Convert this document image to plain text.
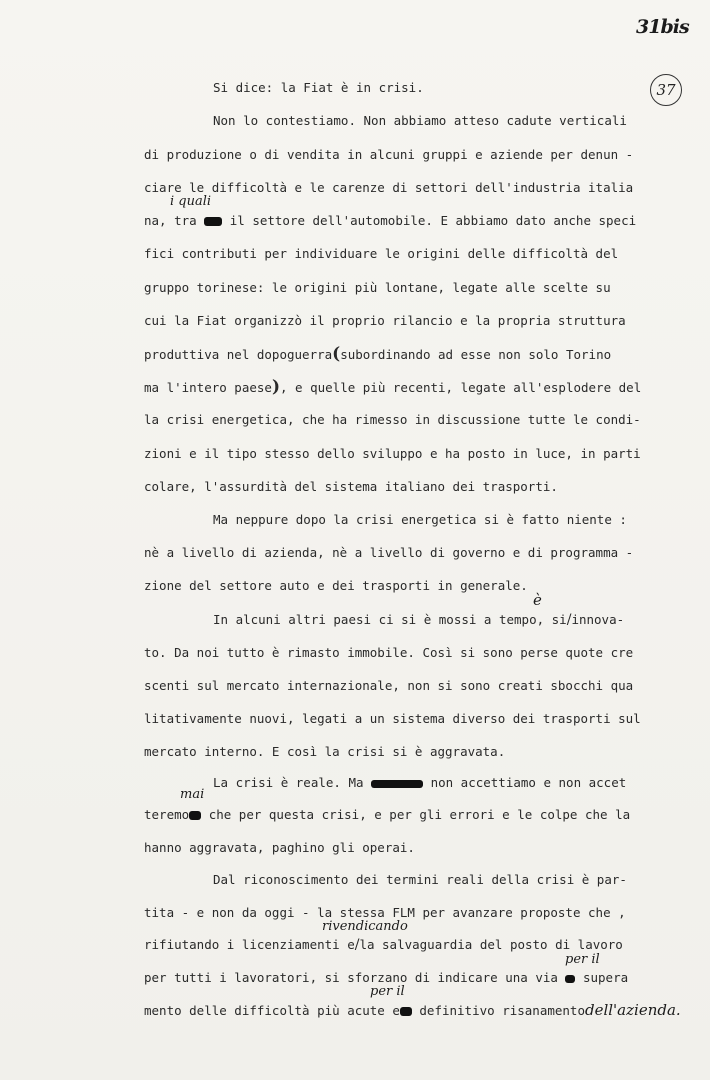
31bis
37
Si dice: la Fiat è in crisi.
Non lo contestiamo. Non abbiamo atteso cadute verticali
di produzione o di vendita in alcuni gruppi e aziende per denun -
ciare le difficoltà e le carenze di settori dell'industria italia
i quali
na, tra	il settore dell'automobile. E abbiamo dato anche speci
fici contributi per individuare le origini delle difficoltà del
gruppo torinese: le origini più lontane, legate alle scelte su
cui la Fiat organizzò il proprio rilancio e la propria struttura
produttiva nel dopoguerra(subordinando ad esse non solo Torino
ma l'intero paese), e quelle più recenti, legate all'esplodere del
la crisi energetica, che ha rimesso in discussione tutte le condi-
zioni e il tipo stesso dello sviluppo e ha posto in luce, in parti
colare, l'assurdità del sistema italiano dei trasporti.
Ma neppure dopo la crisi energetica si è fatto niente :
nè a livello di azienda, nè a livello di governo e di programma -
zione del settore auto e dei trasporti in generale.
è
In alcuni altri paesi ci si è mossi a tempo, si/innova-
to. Da noi tutto è rimasto immobile. Così si sono perse quote cre
scenti sul mercato internazionale, non si sono creati sbocchi qua
litativamente nuovi, legati a un sistema diverso dei trasporti sul
mercato interno. E così la crisi si è aggravata.
La crisi è reale. Ma	non accettiamo e non accet
mai
teremo che per questa crisi, e per gli errori e le colpe che la
hanno aggravata, paghino gli operai.
Dal riconoscimento dei termini reali della crisi è par-
tita - e non da oggi - la stessa FLM per avanzare proposte che ,
rivendicando
rifiutando i licenziamenti e/la salvaguardia del posto di lavoro
per il
per tutti i lavoratori, si sforzano di indicare una via supera
per il
mento delle difficoltà più acute e definitivo risanamentodell'azienda.
